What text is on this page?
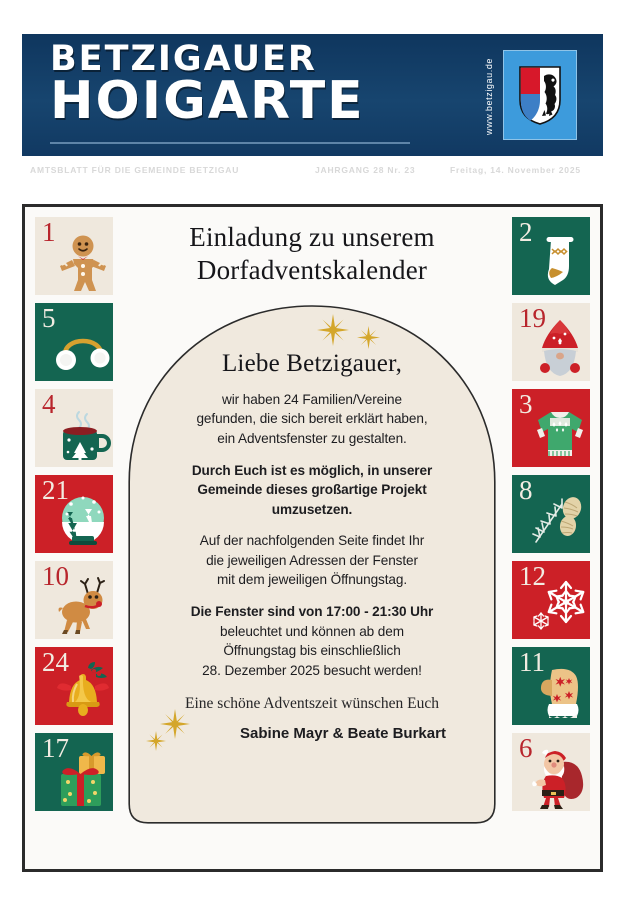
BETZIGAUER
HOIGARTE	www.betzigau.de
AMTSBLATT FÜR DIE GEMEINDE BETZIGAU	JAHRGANG 28 Nr. 23	Freitag, 14. November 2025
1
5
4
21
10
24
17
Einladung zu unserem
Dorfadventskalender
Liebe Betzigauer,
wir haben 24 Familien/Vereine
gefunden, die sich bereit erklärt haben,
ein Adventsfenster zu gestalten.
Durch Euch ist es möglich, in unserer
Gemeinde dieses großartige Projekt
umzusetzen.
Auf der nachfolgenden Seite findet Ihr
die jeweiligen Adressen der Fenster
mit dem jeweiligen Öffnungstag.
Die Fenster sind von 17:00 - 21:30 Uhr
beleuchtet und können ab dem
Öffnungstag bis einschließlich
28. Dezember 2025 besucht werden!
Eine schöne Adventszeit wünschen Euch
Sabine Mayr & Beate Burkart
2
19
3
8
12
11
6
